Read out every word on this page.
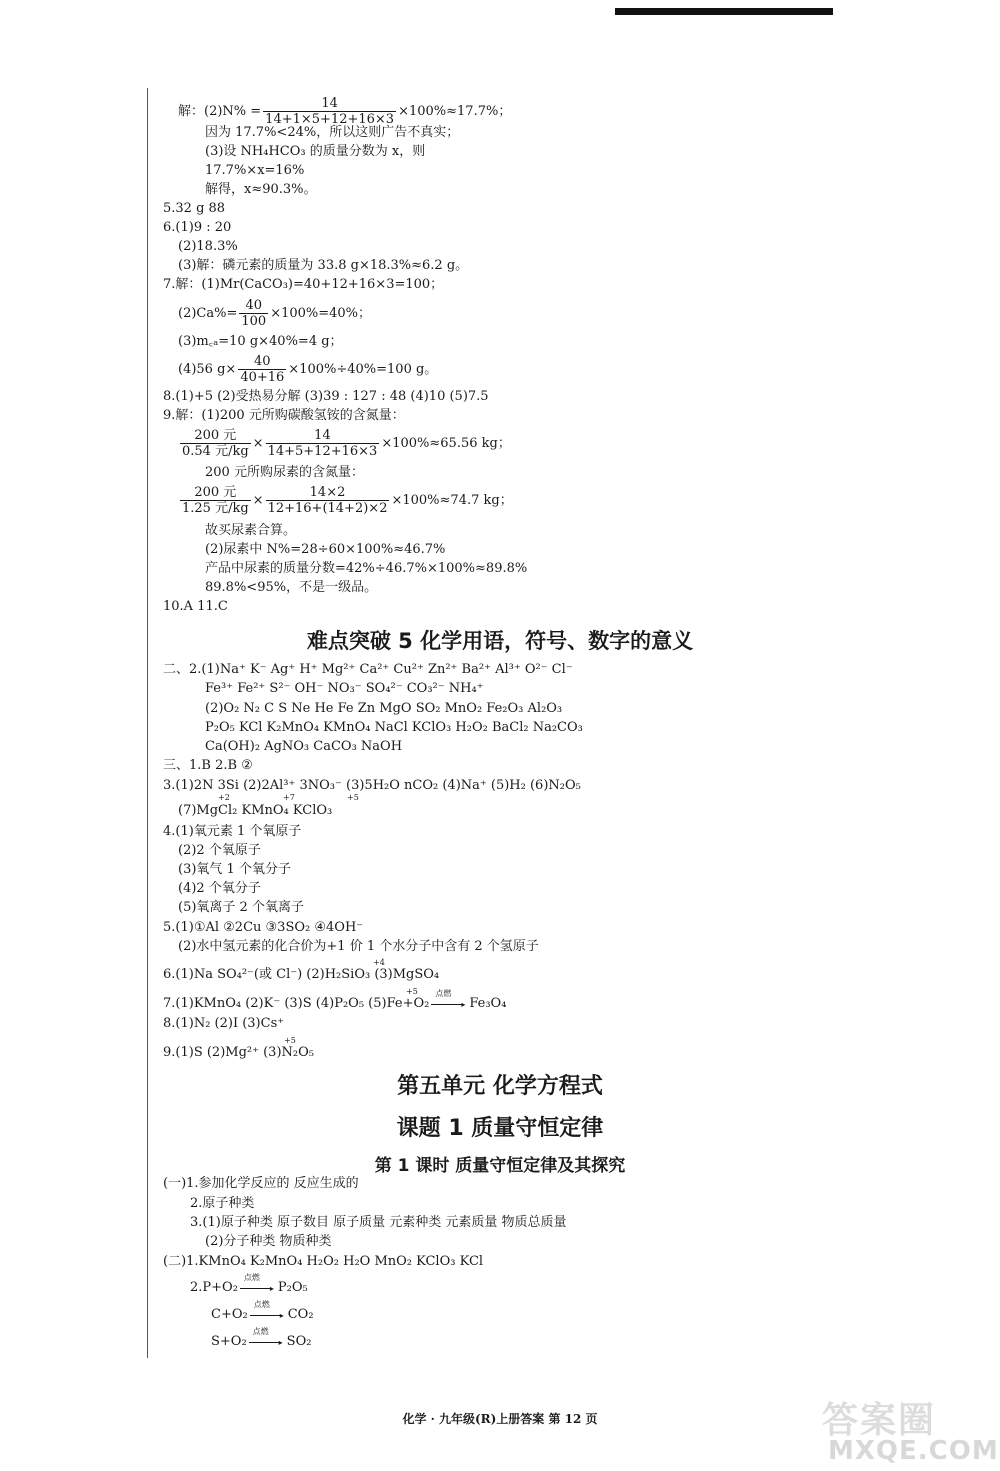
解：$(2)N\% = \frac{14}{14+1\times 5+12+16\times 3} \times 100\%\approx 17.7\%$；
因为 17.7%<24%，所以这则广告不真实；
(3)设 NH₄HCO₃ 的质量分数为 x，则
17.7%×x=16%
解得，x≈90.3%。
5.32 g 88
6.(1)9 : 20
(2)18.3%
(3)解：磷元素的质量为 33.8 g×18.3%≈6.2 g。
7.解：(1)Mr(CaCO₃)=40+12+16×3=100；
$(2)Ca\%= \frac{40}{100} \times 100\%=40\%$；
(3)m꜀ₐ=10 g×40%=4 g；
(4)56 $g\times \frac{40}{40+16} \times 100\%\div 40\%=100$ g。
8.(1)+5 (2)受热易分解 (3)39 : 127 : 48 (4)10 (5)7.5
9.解：(1)200 元所购碳酸氢铵的含氮量：
$\frac{\text{200 元}}{\text{0.54 元/kg}} \times \frac{14}{14+5+12+16\times 3} \times 100\%\approx 65.56$ kg；
200 元所购尿素的含氮量：
$\frac{\text{200 元}}{\text{1.25 元/kg}} \times \frac{14\times 2}{12+16+(14+2)\times 2} \times 100\%\approx 74.7$ kg；
故买尿素合算。
(2)尿素中 N%=28÷60×100%≈46.7%
产品中尿素的质量分数=42%÷46.7%×100%≈89.8%
89.8%<95%，不是一级品。
10.A 11.C
难点突破 5 化学用语，符号、数字的意义
二、2.(1)Na⁺ K⁻ Ag⁺ H⁺ Mg²⁺ Ca²⁺ Cu²⁺ Zn²⁺ Ba²⁺ Al³⁺ O²⁻ Cl⁻
Fe³⁺ Fe²⁺ S²⁻ OH⁻ NO₃⁻ SO₄²⁻ CO₃²⁻ NH₄⁺
(2)O₂ N₂ C S Ne He Fe Zn MgO SO₂ MnO₂ Fe₂O₃ Al₂O₃
P₂O₅ KCl K₂MnO₄ KMnO₄ NaCl KClO₃ H₂O₂ BaCl₂ Na₂CO₃
Ca(OH)₂ AgNO₃ CaCO₃ NaOH
三、1.B 2.B ②
3.(1)2N 3Si (2)2Al³⁺ 3NO₃⁻ (3)5H₂O nCO₂ (4)Na⁺ (5)H₂ (6)N₂O₅
+2	+7	+5
(7)MgCl₂ KMnO₄ KClO₃
4.(1)氧元素 1 个氧原子
(2)2 个氧原子
(3)氧气 1 个氧分子
(4)2 个氧分子
(5)氧离子 2 个氧离子
5.(1)①Al ②2Cu ③3SO₂ ④4OH⁻
(2)水中氢元素的化合价为+1 价 1 个水分子中含有 2 个氢原子
+4
6.(1)Na SO₄²⁻(或 Cl⁻) (2)H₂SiO₃ (3)MgSO₄
+5
7.(1)KMnO₄ (2)K⁻ (3)S (4)P₂O₅ (5)Fe+O₂
点燃
▸ Fe₃O₄
8.(1)N₂ (2)I (3)Cs⁺
+5
9.(1)S (2)Mg²⁺ (3)N₂O₅
第五单元 化学方程式
课题 1 质量守恒定律
第 1 课时 质量守恒定律及其探究
(一)1.参加化学反应的 反应生成的
2.原子种类
3.(1)原子种类 原子数目 原子质量 元素种类 元素质量 物质总质量
(2)分子种类 物质种类
(二)1.KMnO₄ K₂MnO₄ H₂O₂ H₂O MnO₂ KClO₃ KCl
2.P+O₂
点燃
▸ P₂O₅
C+O₂
点燃
▸ CO₂
S+O₂
点燃
▸ SO₂
化学 · 九年级(R)上册答案 第 12 页	答案圈
MXQE.COM
